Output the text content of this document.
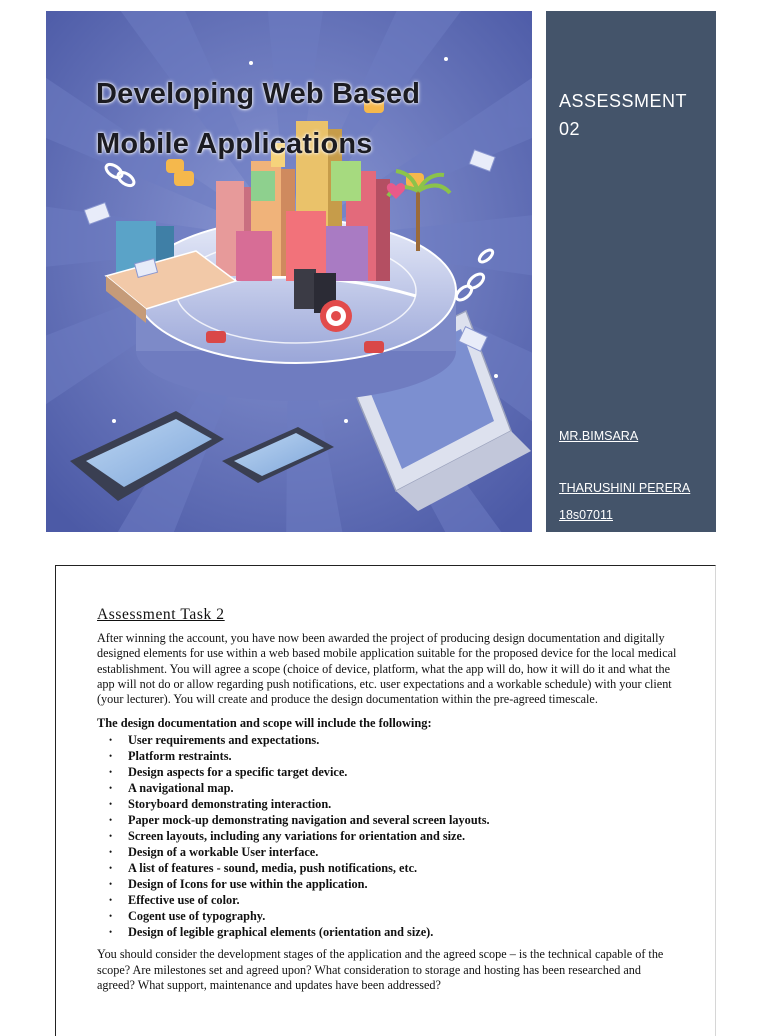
Developing Web Based
Mobile Applications
ASSESSMENT
02
MR.BIMSARA
THARUSHINI PERERA
18s07011
Assessment Task 2

After winning the account, you have now been awarded the project of producing design documentation and digitally designed elements for use within a web based mobile application suitable for the proposed device for the local medical establishment. You will agree a scope (choice of device, platform, what the app will do, how it will do it and what the app will not do or allow regarding push notifications, etc. user expectations and a workable schedule) with your client (your lecturer). You will create and produce the design documentation within the pre-agreed timescale.

The design documentation and scope will include the following:

• User requirements and expectations.
• Platform restraints.
• Design aspects for a specific target device.
• A navigational map.
• Storyboard demonstrating interaction.
• Paper mock-up demonstrating navigation and several screen layouts.
• Screen layouts, including any variations for orientation and size.
• Design of a workable User interface.
• A list of features - sound, media, push notifications, etc.
• Design of Icons for use within the application.
• Effective use of color.
• Cogent use of typography.
• Design of legible graphical elements (orientation and size).

You should consider the development stages of the application and the agreed scope – is the technical capable of the scope? Are milestones set and agreed upon? What consideration to storage and hosting has been researched and agreed? What support, maintenance and updates have been addressed?
